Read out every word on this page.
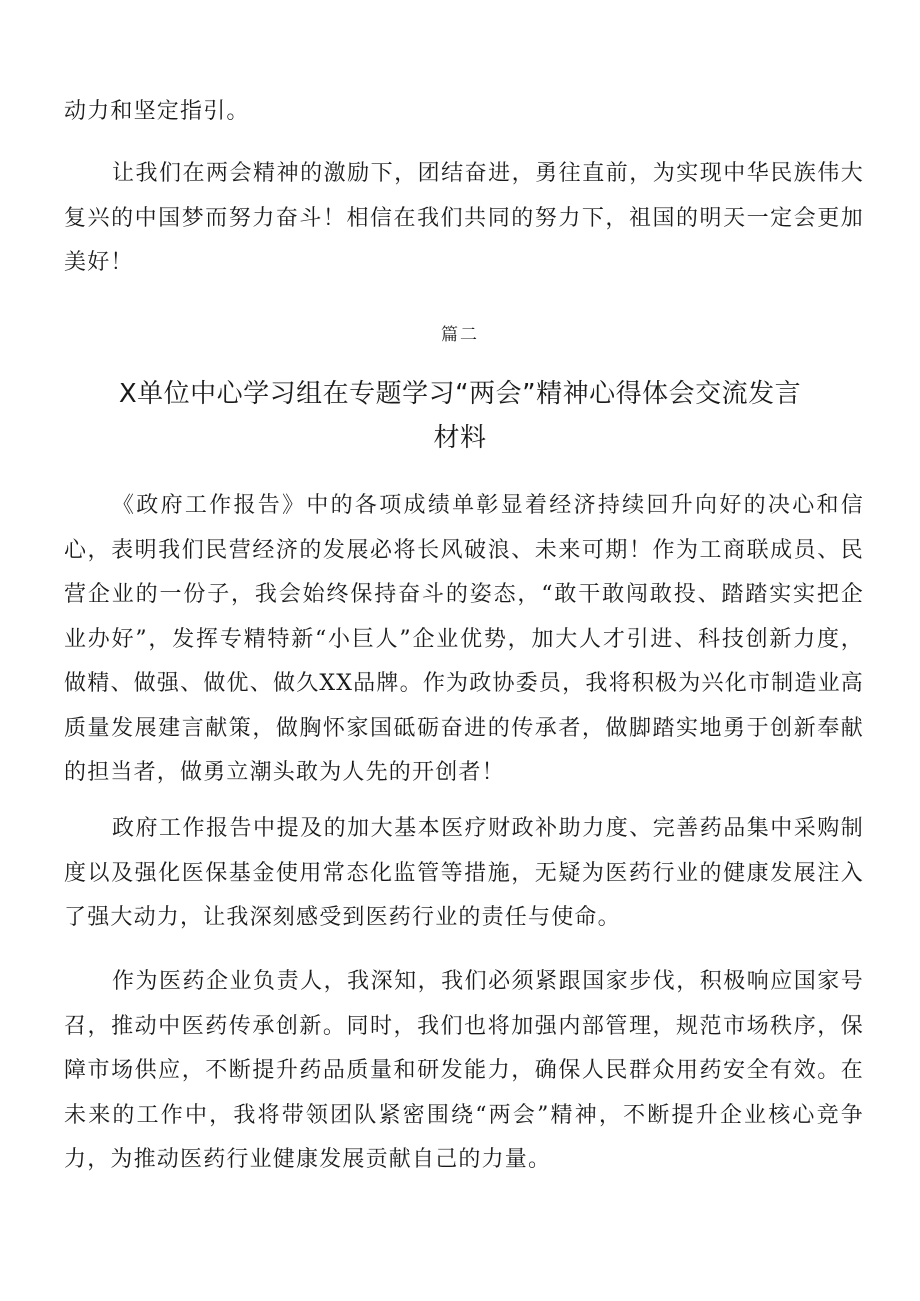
动力和坚定指引。

让我们在两会精神的激励下，团结奋进，勇往直前，为实现中华民族伟大复兴的中国梦而努力奋斗！相信在我们共同的努力下，祖国的明天一定会更加美好！

篇二

X单位中心学习组在专题学习“两会”精神心得体会交流发言材料

《政府工作报告》中的各项成绩单彰显着经济持续回升向好的决心和信心，表明我们民营经济的发展必将长风破浪、未来可期！作为工商联成员、民营企业的一份子，我会始终保持奋斗的姿态，“敢干敢闯敢投、踏踏实实把企业办好”，发挥专精特新“小巨人”企业优势，加大人才引进、科技创新力度，做精、做强、做优、做久XX品牌。作为政协委员，我将积极为兴化市制造业高质量发展建言献策，做胸怀家国砥砺奋进的传承者，做脚踏实地勇于创新奉献的担当者，做勇立潮头敢为人先的开创者！

政府工作报告中提及的加大基本医疗财政补助力度、完善药品集中采购制度以及强化医保基金使用常态化监管等措施，无疑为医药行业的健康发展注入了强大动力，让我深刻感受到医药行业的责任与使命。

作为医药企业负责人，我深知，我们必须紧跟国家步伐，积极响应国家号召，推动中医药传承创新。同时，我们也将加强内部管理，规范市场秩序，保障市场供应，不断提升药品质量和研发能力，确保人民群众用药安全有效。在未来的工作中，我将带领团队紧密围绕“两会”精神，不断提升企业核心竞争力，为推动医药行业健康发展贡献自己的力量。
